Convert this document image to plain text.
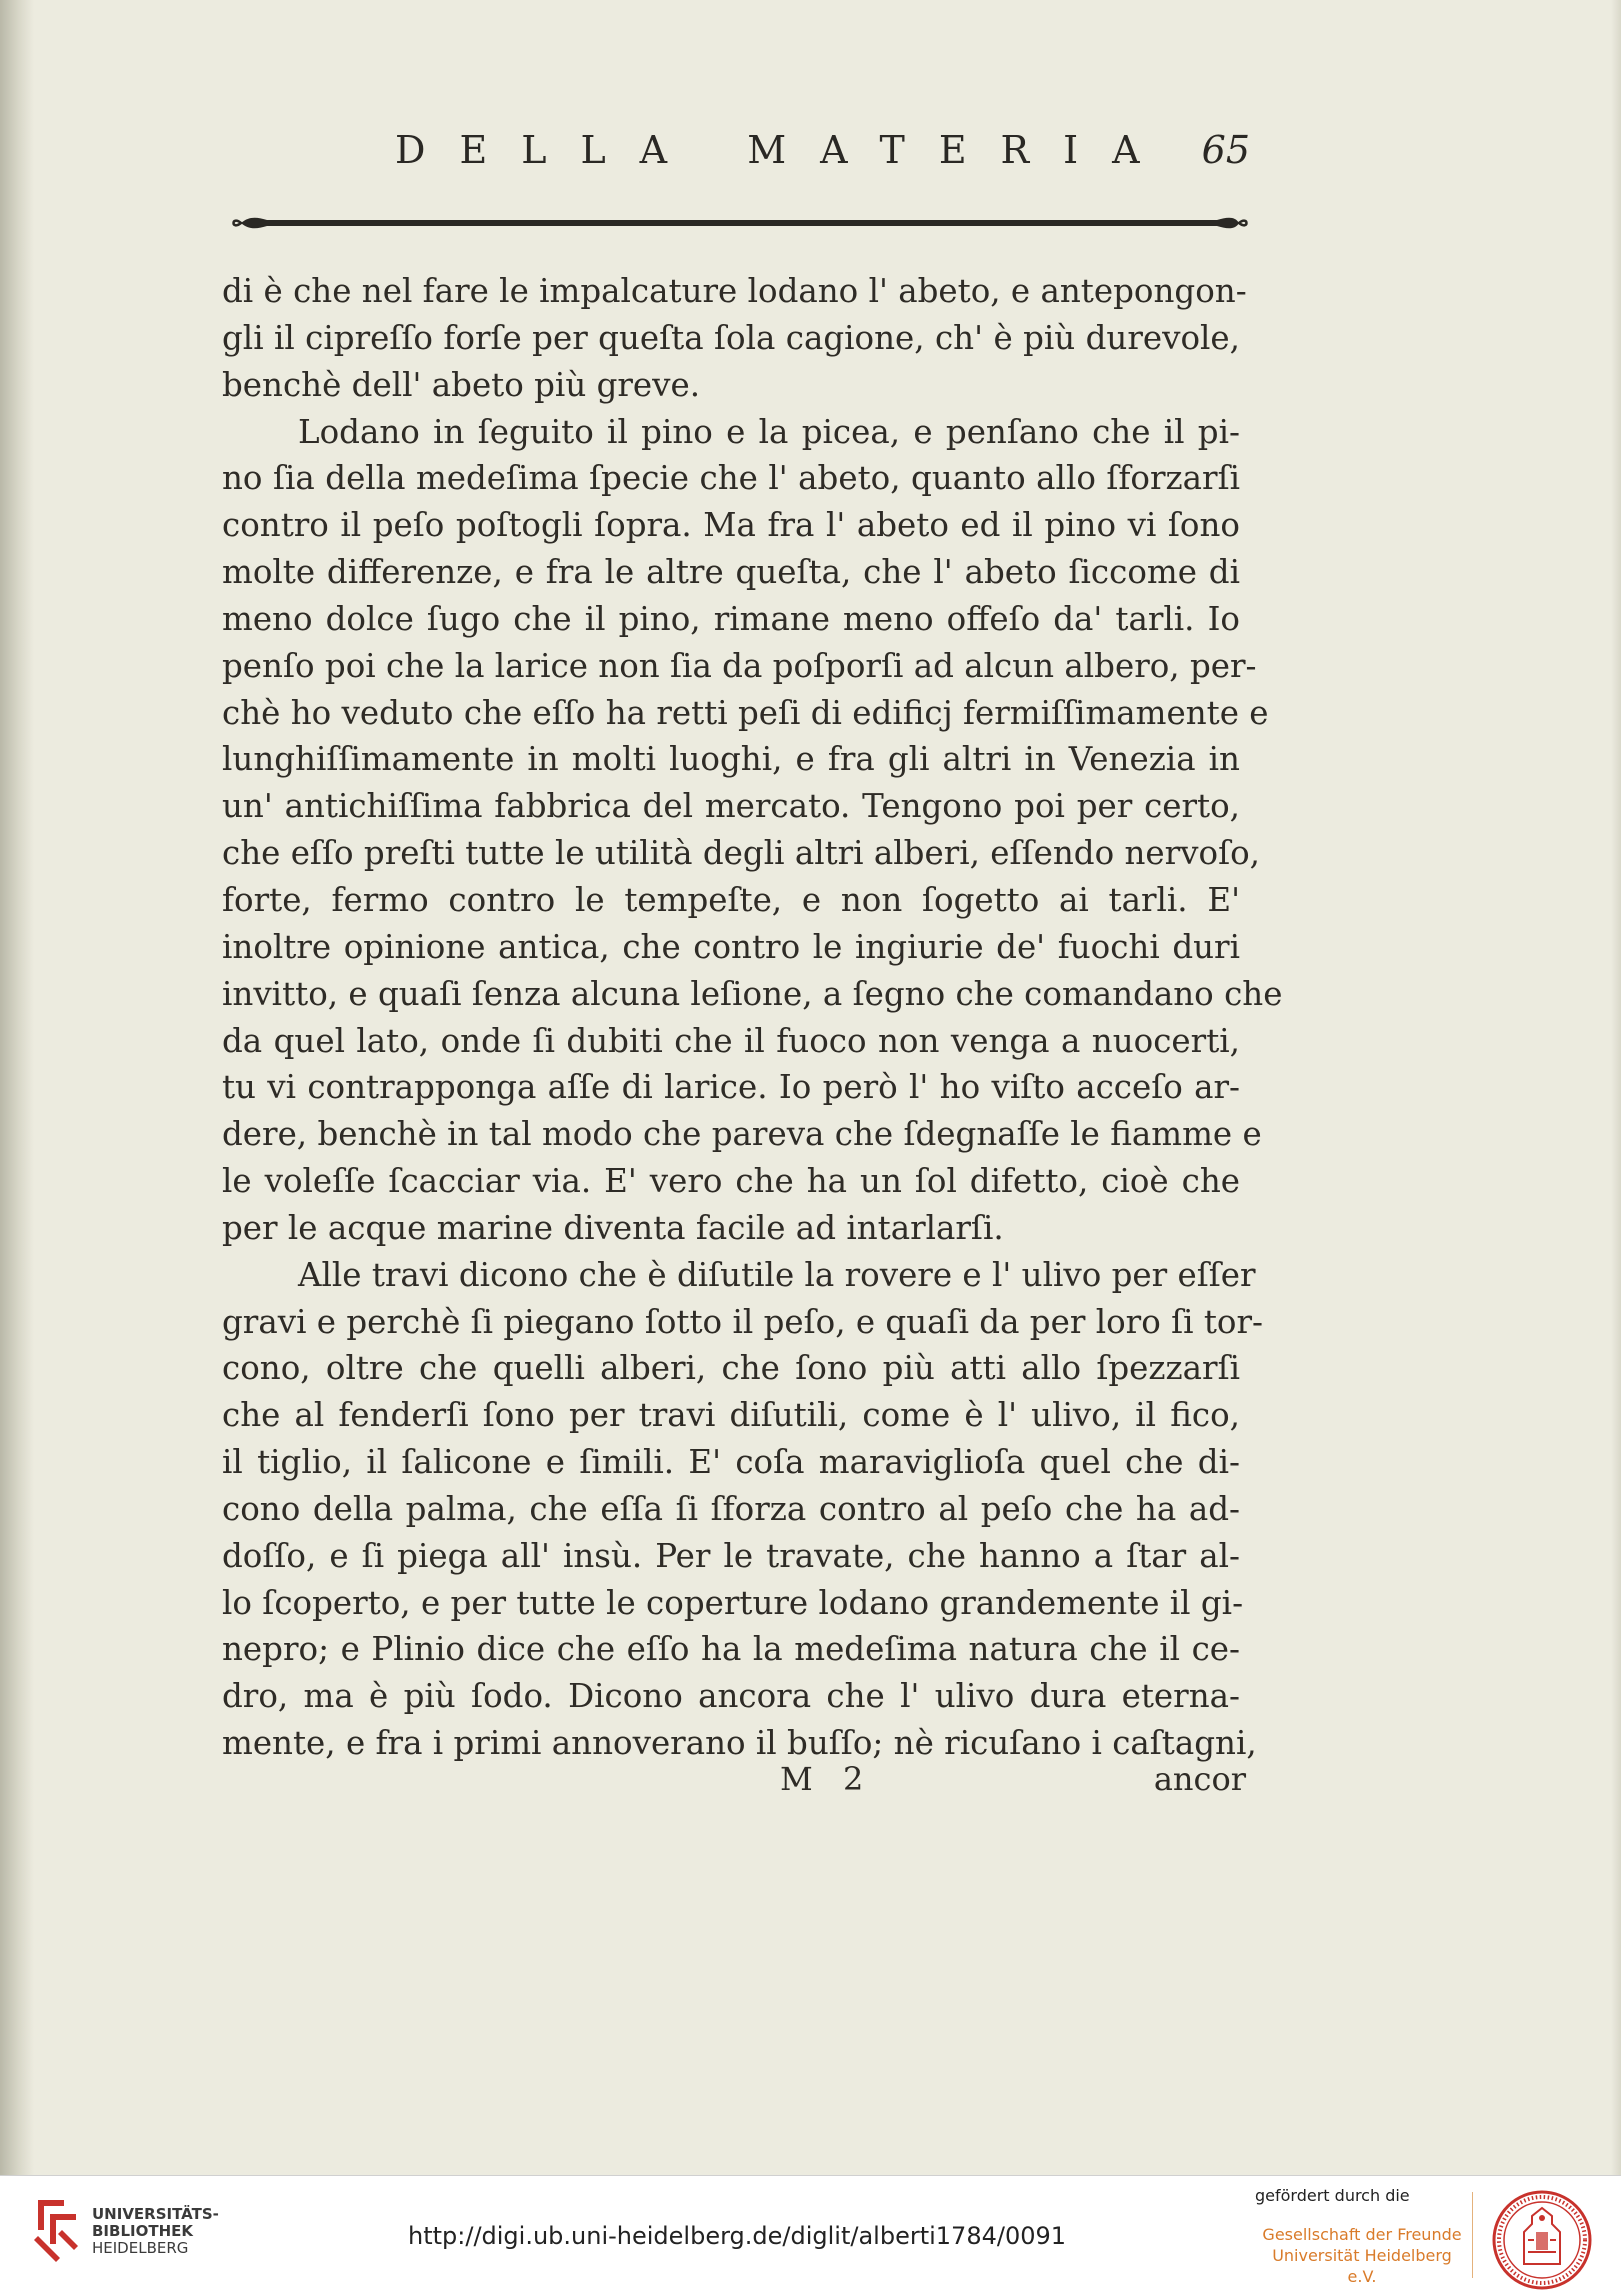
DELLA MATERIA 65
di è che nel fare le impalcature lodano l' abeto, e antepongon-
gli il cipreſſo forſe per queſta ſola cagione, ch' è più durevole,
benchè dell' abeto più greve.
Lodano in ſeguito il pino e la picea, e penſano che il pi-
no ſia della medeſima ſpecie che l' abeto, quanto allo ſforzarſi
contro il peſo poſtogli ſopra. Ma fra l' abeto ed il pino vi ſono
molte differenze, e fra le altre queſta, che l' abeto ſiccome di
meno dolce ſugo che il pino, rimane meno offeſo da' tarli. Io
penſo poi che la larice non ſia da poſporſi ad alcun albero, per-
chè ho veduto che eſſo ha retti peſi di edificj fermiſſimamente e
lunghiſſimamente in molti luoghi, e fra gli altri in Venezia in
un' antichiſſima fabbrica del mercato. Tengono poi per certo,
che eſſo preſti tutte le utilità degli altri alberi, eſſendo nervoſo,
forte, fermo contro le tempeſte, e non ſogetto ai tarli. E'
inoltre opinione antica, che contro le ingiurie de' fuochi duri
invitto, e quaſi ſenza alcuna leſione, a ſegno che comandano che
da quel lato, onde ſi dubiti che il fuoco non venga a nuocerti,
tu vi contrapponga aſſe di larice. Io però l' ho viſto acceſo ar-
dere, benchè in tal modo che pareva che ſdegnaſſe le fiamme e
le voleſſe ſcacciar via. E' vero che ha un ſol difetto, cioè che
per le acque marine diventa facile ad intarlarſi.
Alle travi dicono che è diſutile la rovere e l' ulivo per eſſer
gravi e perchè ſi piegano ſotto il peſo, e quaſi da per loro ſi tor-
cono, oltre che quelli alberi, che ſono più atti allo ſpezzarſi
che al fenderſi ſono per travi diſutili, come è l' ulivo, il fico,
il tiglio, il ſalicone e ſimili. E' coſa maraviglioſa quel che di-
cono della palma, che eſſa ſi ſforza contro al peſo che ha ad-
doſſo, e ſi piega all' insù. Per le travate, che hanno a ſtar al-
lo ſcoperto, e per tutte le coperture lodano grandemente il gi-
nepro; e Plinio dice che eſſo ha la medeſima natura che il ce-
dro, ma è più ſodo. Dicono ancora che l' ulivo dura eterna-
mente, e fra i primi annoverano il buſſo; nè ricuſano i caſtagni,
M 2	ancor
UNIVERSITÄTS-
BIBLIOTHEK
HEIDELBERG	http://digi.ub.uni-heidelberg.de/diglit/alberti1784/0091
gefördert durch die
Gesellschaft der Freunde
Universität Heidelberg e.V.
